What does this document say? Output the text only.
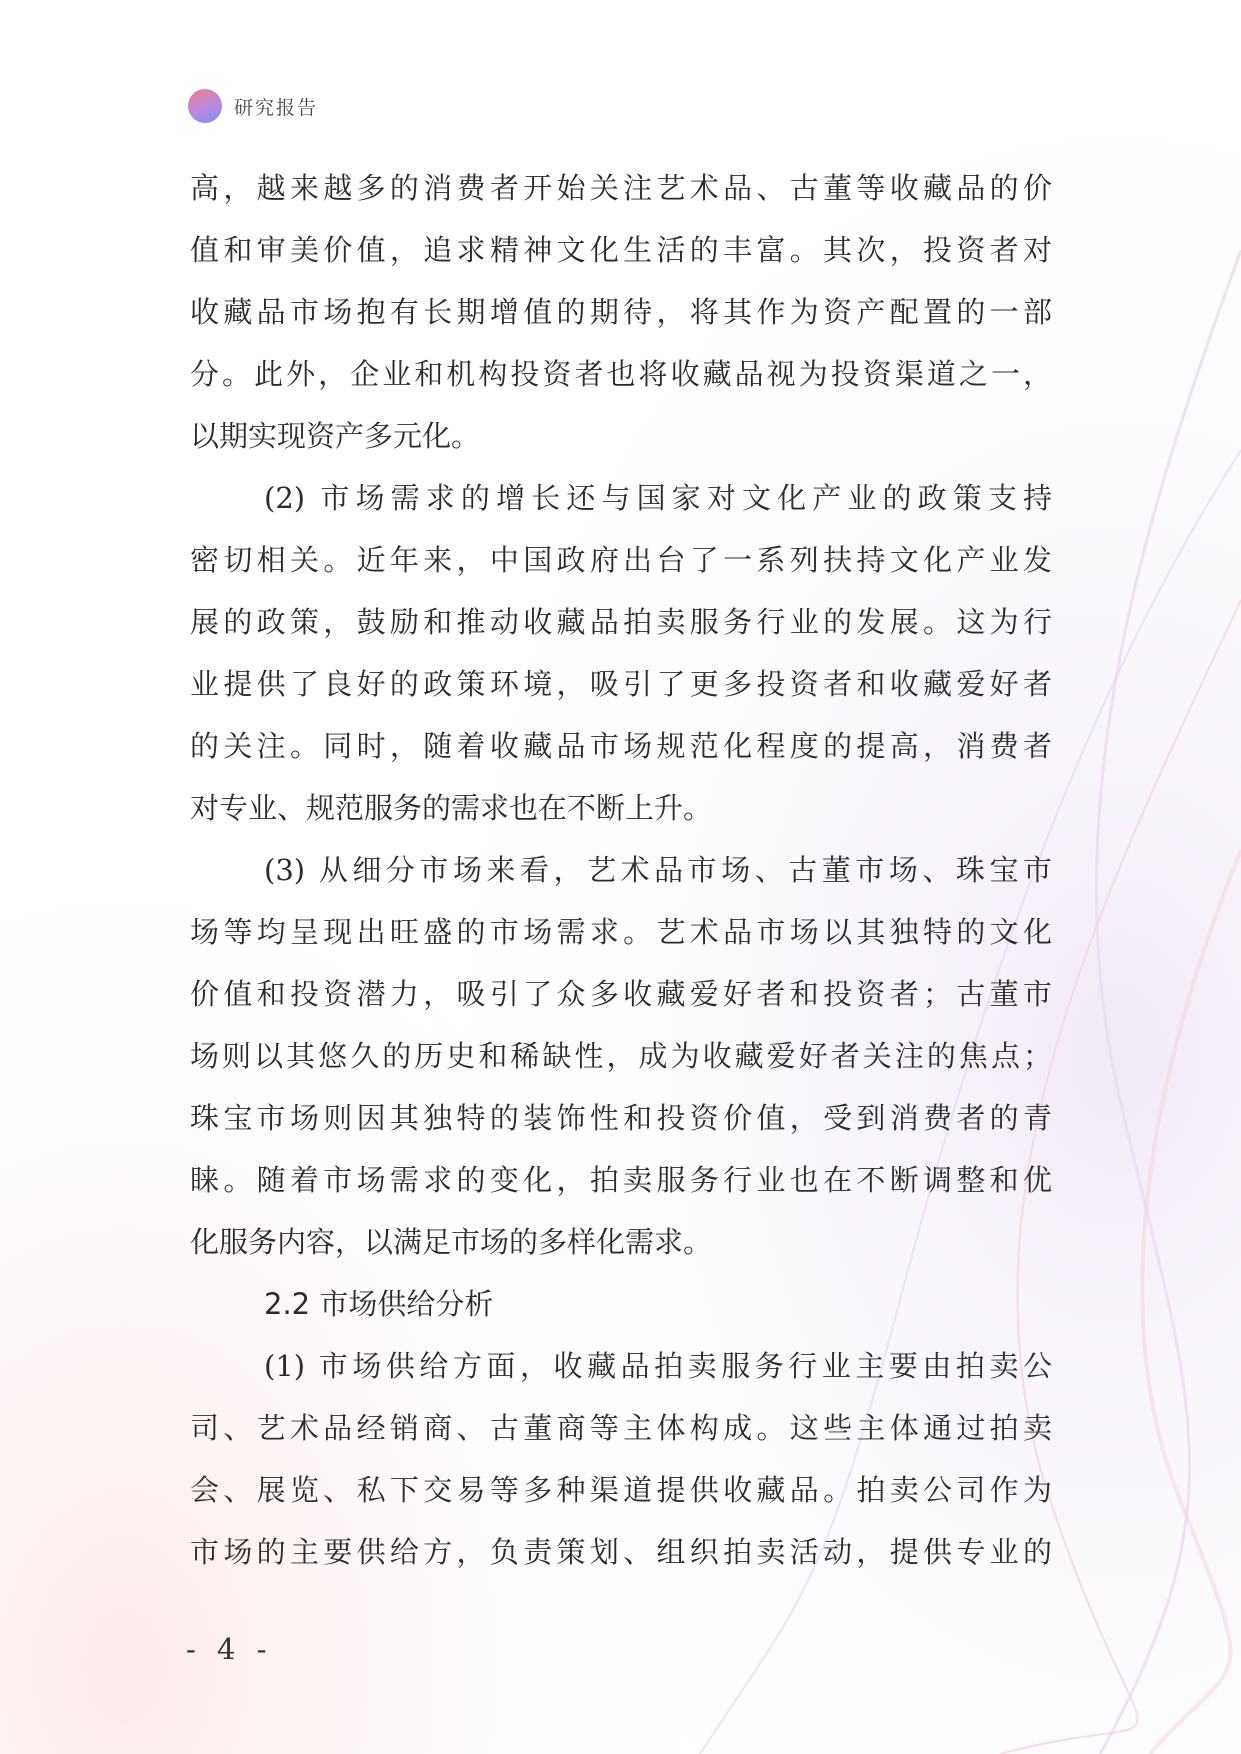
研究报告
高，越来越多的消费者开始关注艺术品、古董等收藏品的价
值和审美价值，追求精神文化生活的丰富。其次，投资者对
收藏品市场抱有长期增值的期待，将其作为资产配置的一部
分。此外，企业和机构投资者也将收藏品视为投资渠道之一，
以期实现资产多元化。
(2) 市场需求的增长还与国家对文化产业的政策支持
密切相关。近年来，中国政府出台了一系列扶持文化产业发
展的政策，鼓励和推动收藏品拍卖服务行业的发展。这为行
业提供了良好的政策环境，吸引了更多投资者和收藏爱好者
的关注。同时，随着收藏品市场规范化程度的提高，消费者
对专业、规范服务的需求也在不断上升。
(3) 从细分市场来看，艺术品市场、古董市场、珠宝市
场等均呈现出旺盛的市场需求。艺术品市场以其独特的文化
价值和投资潜力，吸引了众多收藏爱好者和投资者；古董市
场则以其悠久的历史和稀缺性，成为收藏爱好者关注的焦点；
珠宝市场则因其独特的装饰性和投资价值，受到消费者的青
睐。随着市场需求的变化，拍卖服务行业也在不断调整和优
化服务内容，以满足市场的多样化需求。
2.2 市场供给分析
(1) 市场供给方面，收藏品拍卖服务行业主要由拍卖公
司、艺术品经销商、古董商等主体构成。这些主体通过拍卖
会、展览、私下交易等多种渠道提供收藏品。拍卖公司作为
市场的主要供给方，负责策划、组织拍卖活动，提供专业的
- 4 -
